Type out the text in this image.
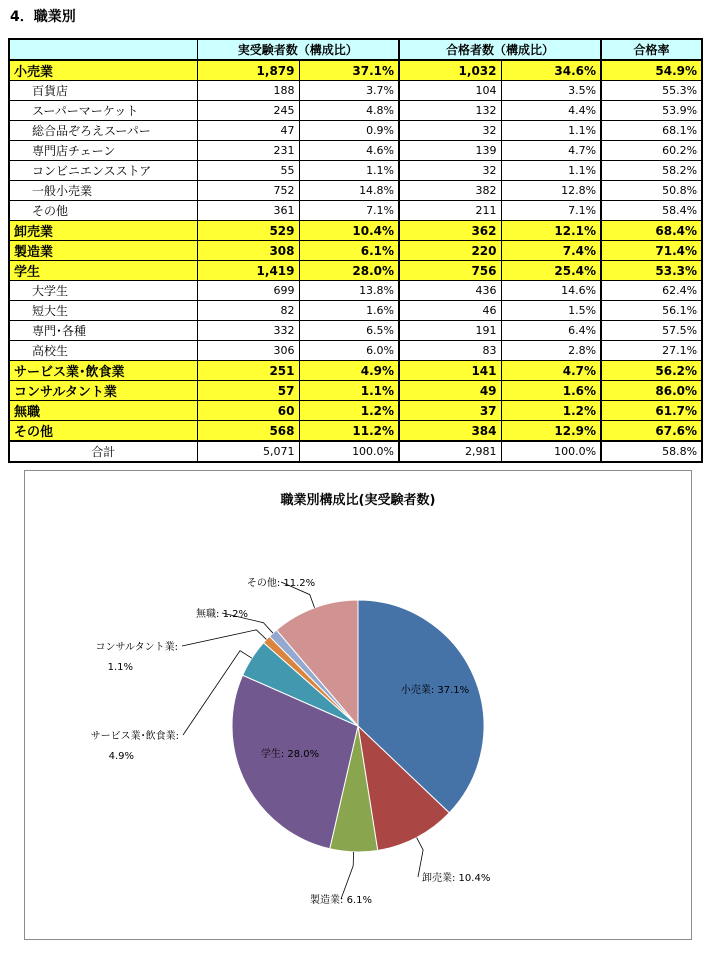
4．職業別
	実受験者数（構成比）		合格者数（構成比）		合格率
小売業	1,879	37.1%	1,032	34.6%	54.9%
百貨店	188	3.7%	104	3.5%	55.3%
スーパーマーケット	245	4.8%	132	4.4%	53.9%
総合品ぞろえスーパー	47	0.9%	32	1.1%	68.1%
専門店チェーン	231	4.6%	139	4.7%	60.2%
コンビニエンスストア	55	1.1%	32	1.1%	58.2%
一般小売業	752	14.8%	382	12.8%	50.8%
その他	361	7.1%	211	7.1%	58.4%
卸売業	529	10.4%	362	12.1%	68.4%
製造業	308	6.1%	220	7.4%	71.4%
学生	1,419	28.0%	756	25.4%	53.3%
大学生	699	13.8%	436	14.6%	62.4%
短大生	82	1.6%	46	1.5%	56.1%
専門･各種	332	6.5%	191	6.4%	57.5%
高校生	306	6.0%	83	2.8%	27.1%
サービス業･飲食業	251	4.9%	141	4.7%	56.2%
コンサルタント業	57	1.1%	49	1.6%	86.0%
無職	60	1.2%	37	1.2%	61.7%
その他	568	11.2%	384	12.9%	67.6%
合計	5,071	100.0%	2,981	100.0%	58.8%
職業別構成比(実受験者数)
小売業: 37.1%
卸売業: 10.4%
製造業: 6.1%
学生: 28.0%
サービス業･飲食業:
4.9%
コンサルタント業:
1.1%
無職: 1.2%
その他: 11.2%
